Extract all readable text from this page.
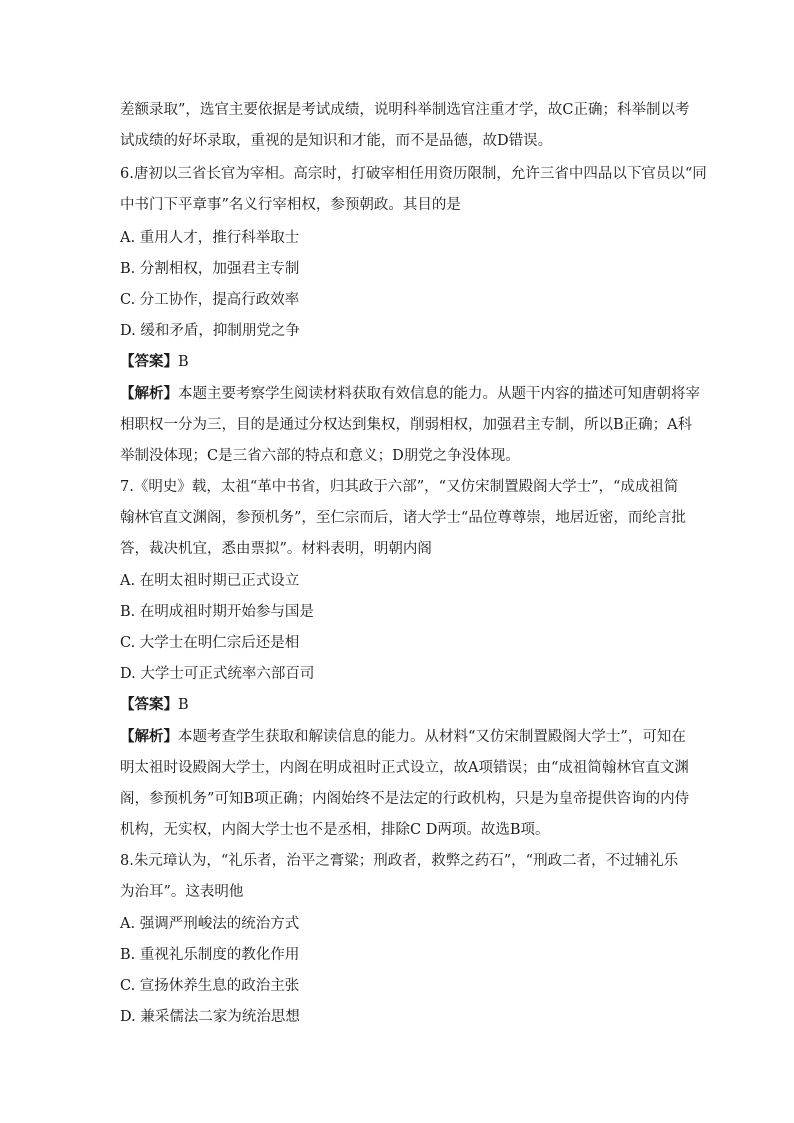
差额录取”，选官主要依据是考试成绩，说明科举制选官注重才学，故C正确；科举制以考
试成绩的好坏录取，重视的是知识和才能，而不是品德，故D错误。
6.唐初以三省长官为宰相。高宗时，打破宰相任用资历限制，允许三省中四品以下官员以“同
中书门下平章事”名义行宰相权，参预朝政。其目的是
A. 重用人才，推行科举取士
B. 分割相权，加强君主专制
C. 分工协作，提高行政效率
D. 缓和矛盾，抑制朋党之争
【答案】B
【解析】本题主要考察学生阅读材料获取有效信息的能力。从题干内容的描述可知唐朝将宰
相职权一分为三，目的是通过分权达到集权，削弱相权，加强君主专制，所以B正确；A科
举制没体现；C是三省六部的特点和意义；D朋党之争没体现。
7.《明史》载，太祖“革中书省，归其政于六部”，“又仿宋制置殿阁大学士”，“成成祖简
翰林官直文渊阁，参预机务”，至仁宗而后，诸大学士“品位尊尊崇，地居近密，而纶言批
答，裁决机宜，悉由票拟”。材料表明，明朝内阁
A. 在明太祖时期已正式设立
B. 在明成祖时期开始参与国是
C. 大学士在明仁宗后还是相
D. 大学士可正式统率六部百司
【答案】B
【解析】本题考查学生获取和解读信息的能力。从材料“又仿宋制置殿阁大学士”，可知在
明太祖时设殿阁大学士，内阁在明成祖时正式设立，故A项错误；由“成祖简翰林官直文渊
阁，参预机务”可知B项正确；内阁始终不是法定的行政机构，只是为皇帝提供咨询的内侍
机构，无实权，内阁大学士也不是丞相，排除C D两项。故选B项。
8.朱元璋认为，“礼乐者，治平之膏粱；刑政者，救弊之药石”，“刑政二者，不过辅礼乐
为治耳”。这表明他
A. 强调严刑峻法的统治方式
B. 重视礼乐制度的教化作用
C. 宣扬休养生息的政治主张
D. 兼采儒法二家为统治思想
